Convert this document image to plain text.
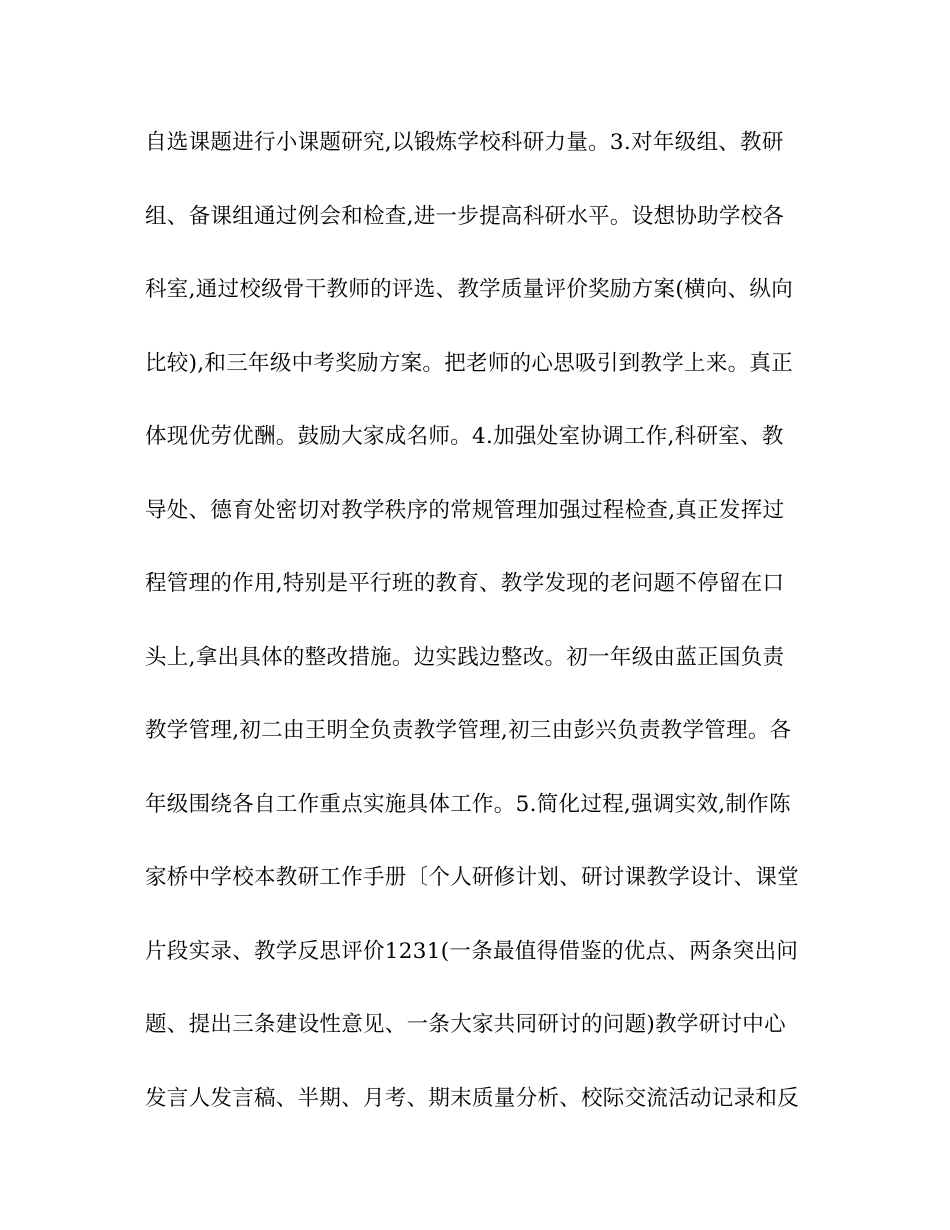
自选课题进行小课题研究,以锻炼学校科研力量。3.对年级组、教研
组、备课组通过例会和检查,进一步提高科研水平。设想协助学校各
科室,通过校级骨干教师的评选、教学质量评价奖励方案(横向、纵向
比较),和三年级中考奖励方案。把老师的心思吸引到教学上来。真正
体现优劳优酬。鼓励大家成名师。4.加强处室协调工作,科研室、教
导处、德育处密切对教学秩序的常规管理加强过程检查,真正发挥过
程管理的作用,特别是平行班的教育、教学发现的老问题不停留在口
头上,拿出具体的整改措施。边实践边整改。初一年级由蓝正国负责
教学管理,初二由王明全负责教学管理,初三由彭兴负责教学管理。各
年级围绕各自工作重点实施具体工作。5.简化过程,强调实效,制作陈
家桥中学校本教研工作手册〔个人研修计划、研讨课教学设计、课堂
片段实录、教学反思评价1231(一条最值得借鉴的优点、两条突出问
题、提出三条建设性意见、一条大家共同研讨的问题)教学研讨中心
发言人发言稿、半期、月考、期末质量分析、校际交流活动记录和反
